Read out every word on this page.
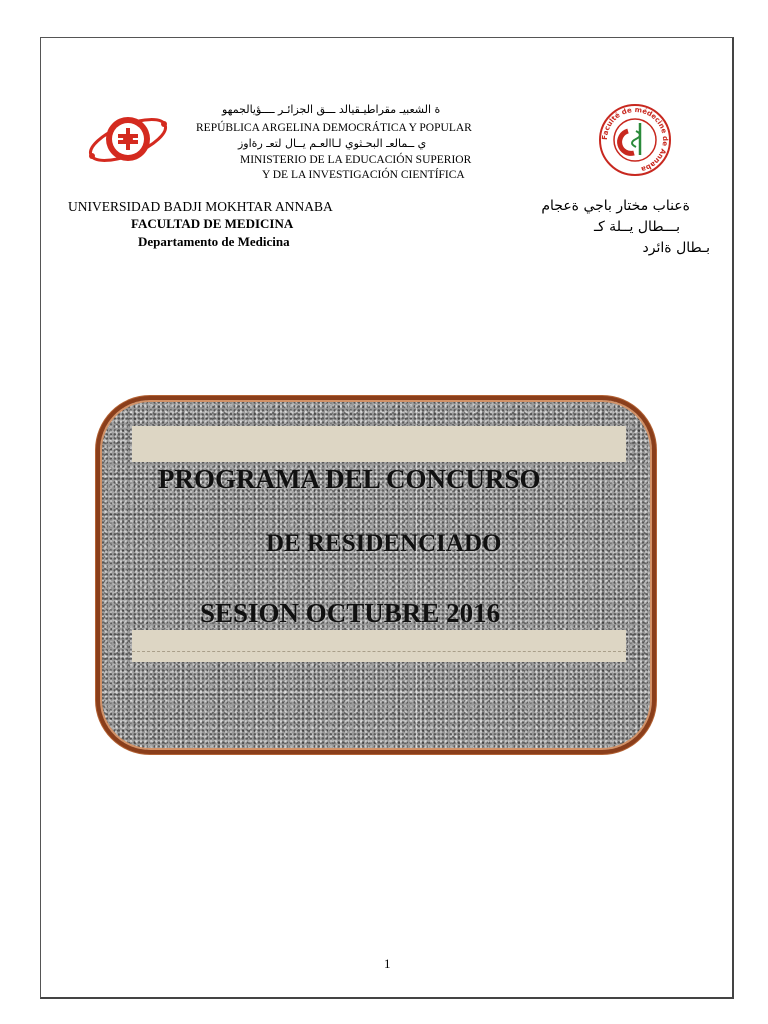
ة الشعبيـ مقراطيـقيالد ـــق الجزائـر ــــؤيالجمهو
REPÚBLICA ARGELINA DEMOCRÁTICA Y POPULAR
ي ــمالعـ البحـثوي لـاالعـم يــال لتعـ رةاوز
MINISTERIO DE LA EDUCACIÓN SUPERIOR
Y DE LA INVESTIGACIÓN CIENTÍFICA
Faculté de médecine de Annaba
UNIVERSIDAD BADJI MOKHTAR ANNABA
FACULTAD DE MEDICINA
Departamento de Medicina
ةعناب مختار باجي ةعجام
بـــطال يــلة كـ
بـطال ةائرد
PROGRAMA DEL CONCURSO
DE RESIDENCIADO
SESION OCTUBRE 2016
1
